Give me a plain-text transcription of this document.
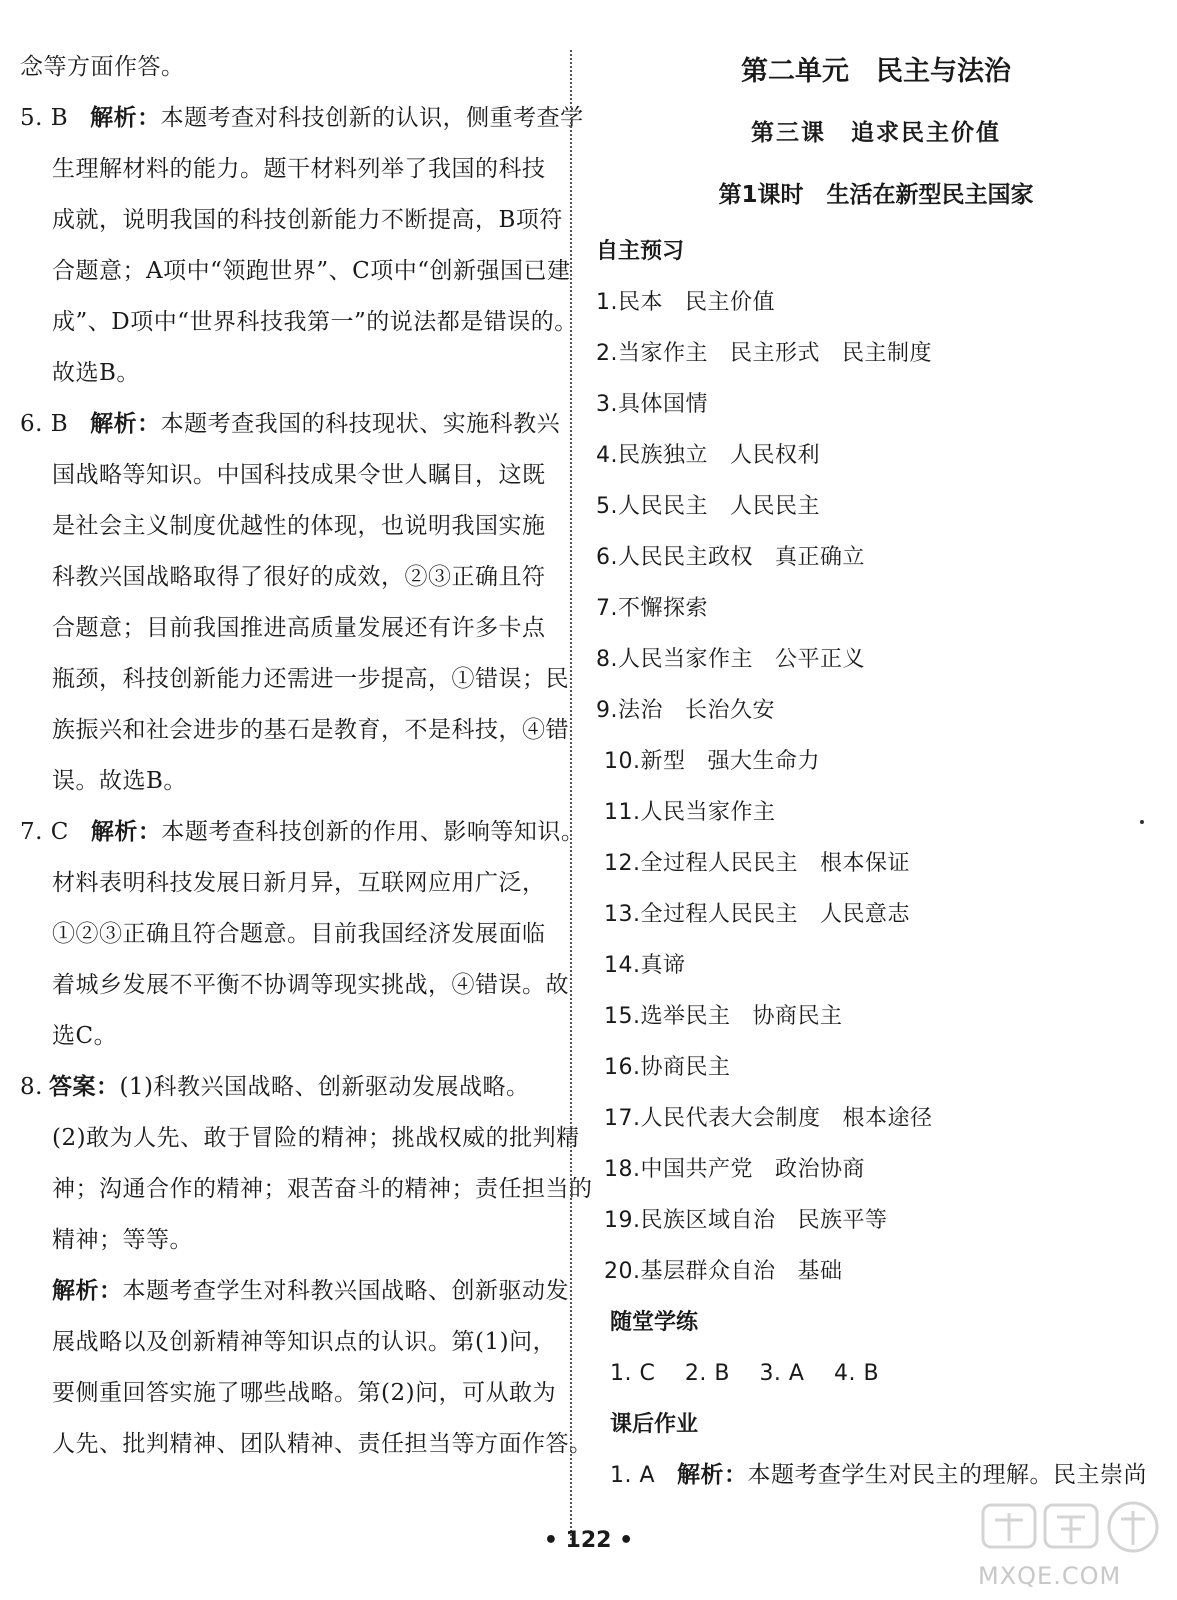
念等方面作答。
5. B 解析：本题考查对科技创新的认识，侧重考查学
生理解材料的能力。题干材料列举了我国的科技
成就，说明我国的科技创新能力不断提高，B项符
合题意；A项中“领跑世界”、C项中“创新强国已建
成”、D项中“世界科技我第一”的说法都是错误的。
故选B。
6. B 解析：本题考查我国的科技现状、实施科教兴
国战略等知识。中国科技成果令世人瞩目，这既
是社会主义制度优越性的体现，也说明我国实施
科教兴国战略取得了很好的成效，②③正确且符
合题意；目前我国推进高质量发展还有许多卡点
瓶颈，科技创新能力还需进一步提高，①错误；民
族振兴和社会进步的基石是教育，不是科技，④错
误。故选B。
7. C 解析：本题考查科技创新的作用、影响等知识。
材料表明科技发展日新月异，互联网应用广泛，
①②③正确且符合题意。目前我国经济发展面临
着城乡发展不平衡不协调等现实挑战，④错误。故
选C。
8. 答案：(1)科教兴国战略、创新驱动发展战略。
(2)敢为人先、敢于冒险的精神；挑战权威的批判精
神；沟通合作的精神；艰苦奋斗的精神；责任担当的
精神；等等。
解析：本题考查学生对科教兴国战略、创新驱动发
展战略以及创新精神等知识点的认识。第(1)问，
要侧重回答实施了哪些战略。第(2)问，可从敢为
人先、批判精神、团队精神、责任担当等方面作答。
第二单元　民主与法治
第三课　追求民主价值
第1课时　生活在新型民主国家
自主预习
1.民本 民主价值
2.当家作主 民主形式 民主制度
3.具体国情
4.民族独立 人民权利
5.人民民主 人民民主
6.人民民主政权 真正确立
7.不懈探索
8.人民当家作主 公平正义
9.法治 长治久安
10.新型 强大生命力
11.人民当家作主
12.全过程人民民主 根本保证
13.全过程人民民主 人民意志
14.真谛
15.选举民主 协商民主
16.协商民主
17.人民代表大会制度 根本途径
18.中国共产党 政治协商
19.民族区域自治 民族平等
20.基层群众自治 基础
随堂学练
1. C 2. B 3. A 4. B
课后作业
1. A 解析：本题考查学生对民主的理解。民主崇尚
• 122 •
MXQE.COM
